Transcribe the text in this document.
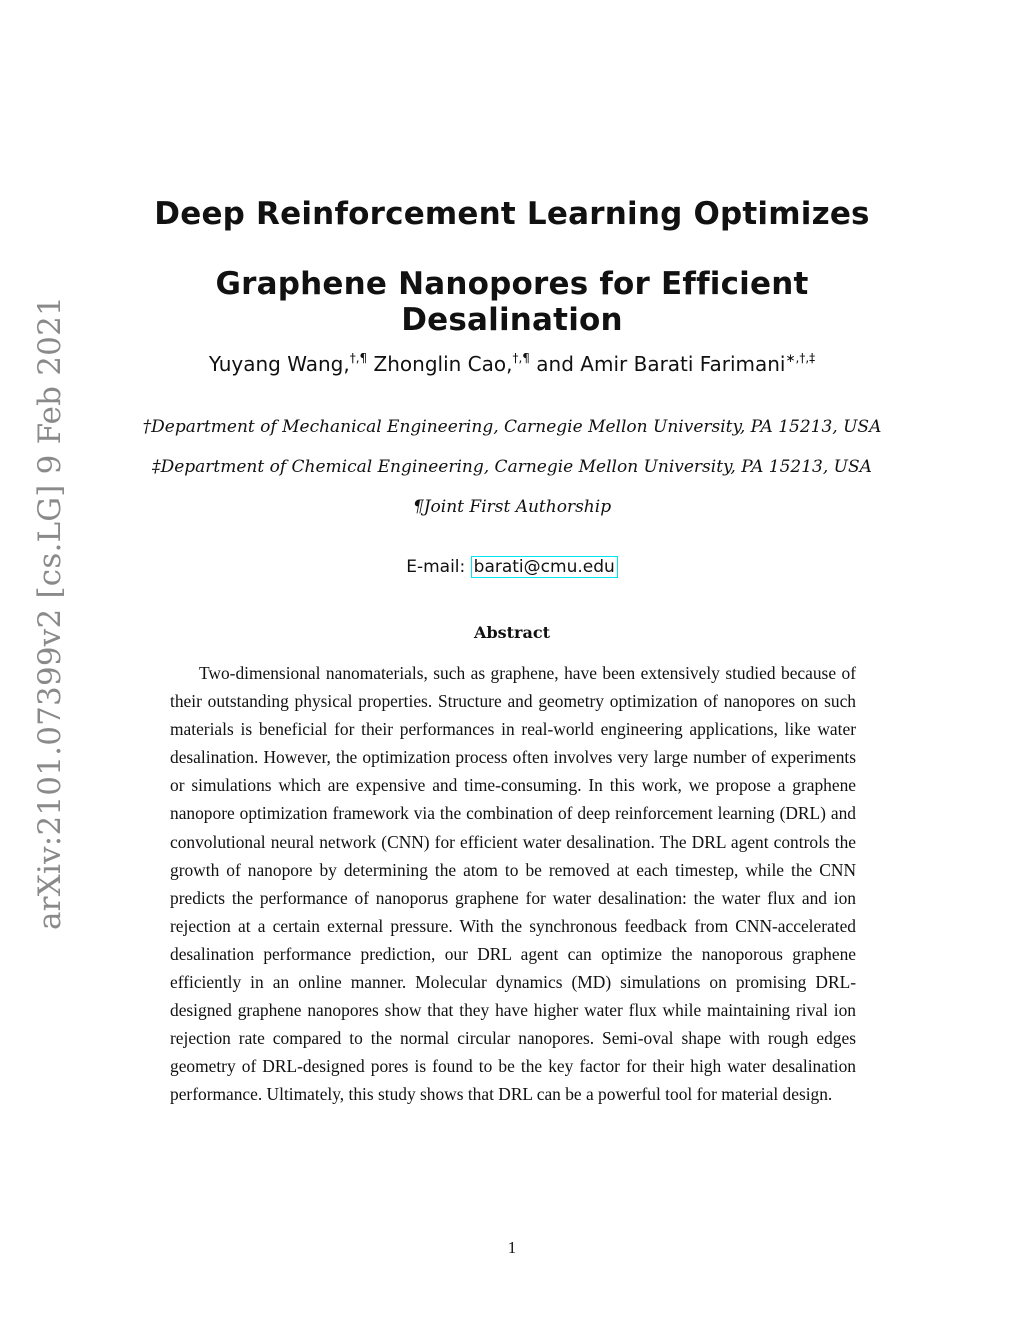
arXiv:2101.07399v2 [cs.LG] 9 Feb 2021
Deep Reinforcement Learning Optimizes
Graphene Nanopores for Efficient Desalination
Yuyang Wang,†,¶ Zhonglin Cao,†,¶ and Amir Barati Farimani∗,†,‡
†Department of Mechanical Engineering, Carnegie Mellon University, PA 15213, USA
‡Department of Chemical Engineering, Carnegie Mellon University, PA 15213, USA
¶Joint First Authorship
E-mail: barati@cmu.edu
Abstract

Two-dimensional nanomaterials, such as graphene, have been extensively studied because of their outstanding physical properties. Structure and geometry optimization of nanopores on such materials is beneficial for their performances in real-world engineering applications, like water desalination. However, the optimization process often involves very large number of experiments or simulations which are expensive and time-consuming. In this work, we propose a graphene nanopore optimization framework via the combination of deep reinforcement learning (DRL) and convolutional neural network (CNN) for efficient water desalination. The DRL agent controls the growth of nanopore by determining the atom to be removed at each timestep, while the CNN predicts the performance of nanoporus graphene for water desalination: the water flux and ion rejection at a certain external pressure. With the synchronous feedback from CNN-accelerated desalination performance prediction, our DRL agent can optimize the nanoporous graphene efficiently in an online manner. Molecular dynamics (MD) simulations on promising DRL-designed graphene nanopores show that they have higher water flux while maintaining rival ion rejection rate compared to the normal circular nanopores. Semi-oval shape with rough edges geometry of DRL-designed pores is found to be the key factor for their high water desalination performance. Ultimately, this study shows that DRL can be a powerful tool for material design.

1
